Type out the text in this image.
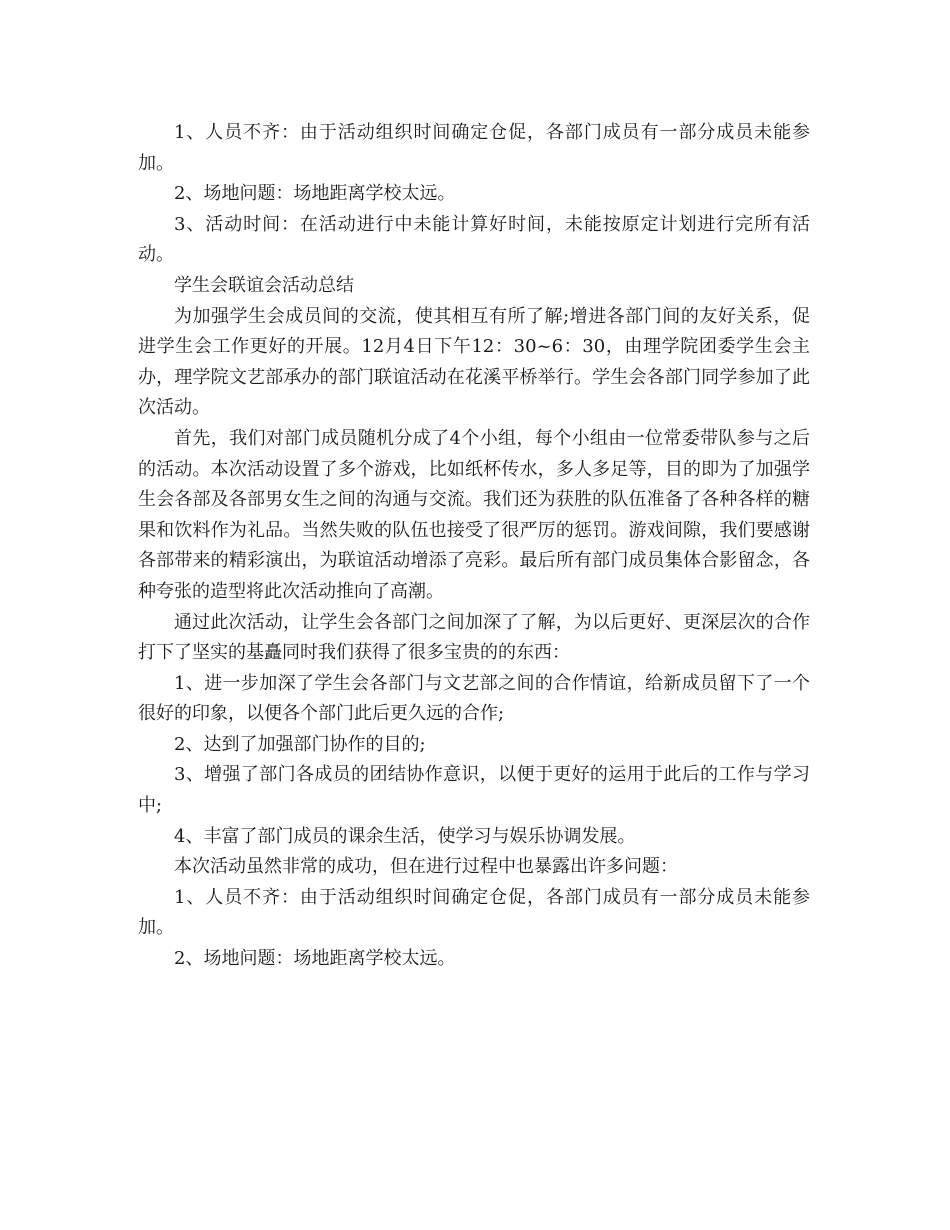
1、人员不齐：由于活动组织时间确定仓促，各部门成员有一部分成员未能参加。

2、场地问题：场地距离学校太远。

3、活动时间：在活动进行中未能计算好时间，未能按原定计划进行完所有活动。

学生会联谊会活动总结

为加强学生会成员间的交流，使其相互有所了解;增进各部门间的友好关系，促进学生会工作更好的开展。12月4日下午12：30~6：30，由理学院团委学生会主办，理学院文艺部承办的部门联谊活动在花溪平桥举行。学生会各部门同学参加了此次活动。

首先，我们对部门成员随机分成了4个小组，每个小组由一位常委带队参与之后的活动。本次活动设置了多个游戏，比如纸杯传水，多人多足等，目的即为了加强学生会各部及各部男女生之间的沟通与交流。我们还为获胜的队伍准备了各种各样的糖果和饮料作为礼品。当然失败的队伍也接受了很严厉的惩罚。游戏间隙，我们要感谢各部带来的精彩演出，为联谊活动增添了亮彩。最后所有部门成员集体合影留念，各种夸张的造型将此次活动推向了高潮。

通过此次活动，让学生会各部门之间加深了了解，为以后更好、更深层次的合作打下了坚实的基矗同时我们获得了很多宝贵的的东西：

1、进一步加深了学生会各部门与文艺部之间的合作情谊，给新成员留下了一个很好的印象，以便各个部门此后更久远的合作;

2、达到了加强部门协作的目的;

3、增强了部门各成员的团结协作意识，以便于更好的运用于此后的工作与学习中;

4、丰富了部门成员的课余生活，使学习与娱乐协调发展。

本次活动虽然非常的成功，但在进行过程中也暴露出许多问题：

1、人员不齐：由于活动组织时间确定仓促，各部门成员有一部分成员未能参加。

2、场地问题：场地距离学校太远。
